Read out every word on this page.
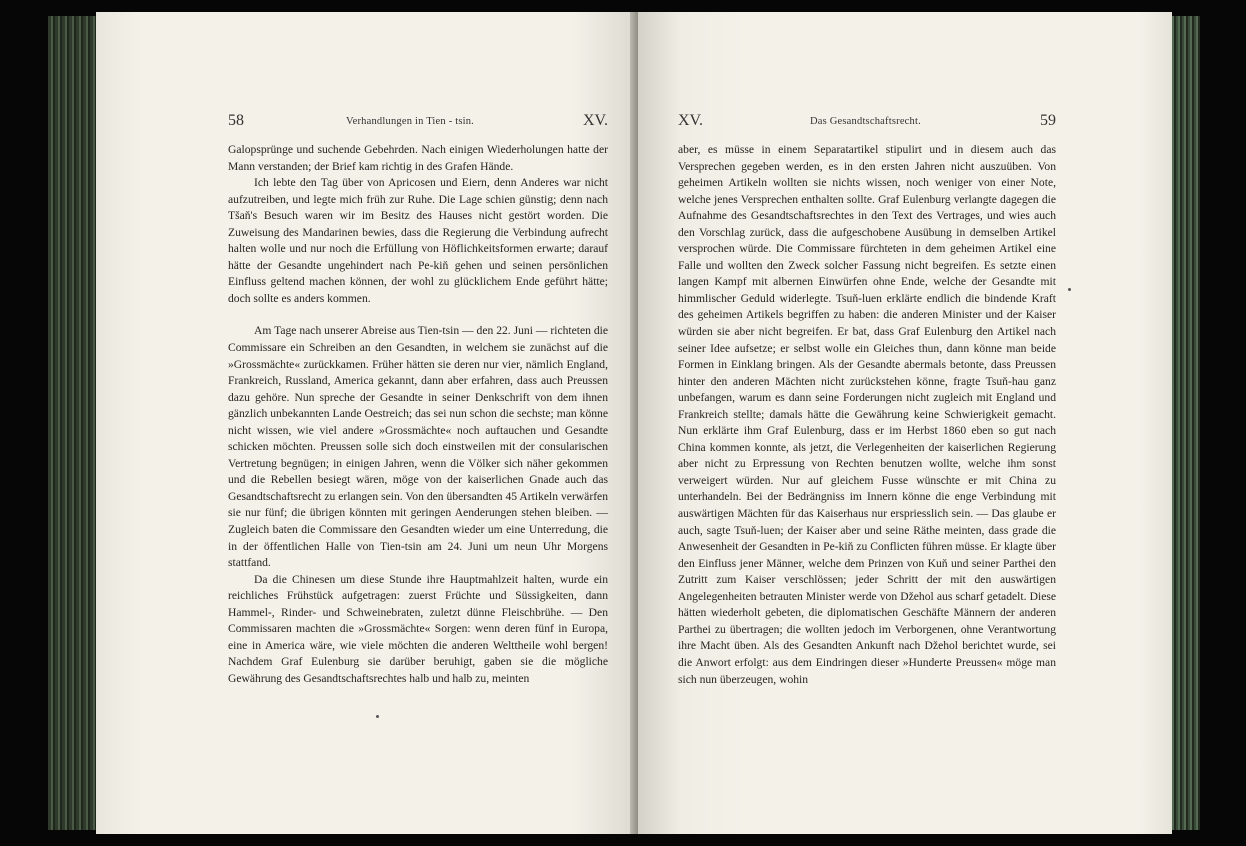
58	Verhandlungen in Tien - tsin.	XV.

Galopsprünge und suchende Gebehrden. Nach einigen Wiederholungen hatte der Mann verstanden; der Brief kam richtig in des Grafen Hände.

Ich lebte den Tag über von Apricosen und Eiern, denn Anderes war nicht aufzutreiben, und legte mich früh zur Ruhe. Die Lage schien günstig; denn nach Tšaň's Besuch waren wir im Besitz des Hauses nicht gestört worden. Die Zuweisung des Mandarinen bewies, dass die Regierung die Verbindung aufrecht halten wolle und nur noch die Erfüllung von Höflichkeitsformen erwarte; darauf hätte der Gesandte ungehindert nach Pe-kiň gehen und seinen persönlichen Einfluss geltend machen können, der wohl zu glücklichem Ende geführt hätte; doch sollte es anders kommen.

Am Tage nach unserer Abreise aus Tien-tsin — den 22. Juni — richteten die Commissare ein Schreiben an den Gesandten, in welchem sie zunächst auf die »Grossmächte« zurückkamen. Früher hätten sie deren nur vier, nämlich England, Frankreich, Russland, America gekannt, dann aber erfahren, dass auch Preussen dazu gehöre. Nun spreche der Gesandte in seiner Denkschrift von dem ihnen gänzlich unbekannten Lande Oestreich; das sei nun schon die sechste; man könne nicht wissen, wie viel andere »Grossmächte« noch auftauchen und Gesandte schicken möchten. Preussen solle sich doch einstweilen mit der consularischen Vertretung begnügen; in einigen Jahren, wenn die Völker sich näher gekommen und die Rebellen besiegt wären, möge von der kaiserlichen Gnade auch das Gesandtschaftsrecht zu erlangen sein. Von den übersandten 45 Artikeln verwärfen sie nur fünf; die übrigen könnten mit geringen Aenderungen stehen bleiben. — Zugleich baten die Commissare den Gesandten wieder um eine Unterredung, die in der öffentlichen Halle von Tien-tsin am 24. Juni um neun Uhr Morgens stattfand.

Da die Chinesen um diese Stunde ihre Hauptmahlzeit halten, wurde ein reichliches Frühstück aufgetragen: zuerst Früchte und Süssigkeiten, dann Hammel-, Rinder- und Schweinebraten, zuletzt dünne Fleischbrühe. — Den Commissaren machten die »Grossmächte« Sorgen: wenn deren fünf in Europa, eine in America wäre, wie viele möchten die anderen Welttheile wohl bergen! Nachdem Graf Eulenburg sie darüber beruhigt, gaben sie die mögliche Gewährung des Gesandtschaftsrechtes halb und halb zu, meinten

XV.	Das Gesandtschaftsrecht.	59

aber, es müsse in einem Separatartikel stipulirt und in diesem auch das Versprechen gegeben werden, es in den ersten Jahren nicht auszuüben. Von geheimen Artikeln wollten sie nichts wissen, noch weniger von einer Note, welche jenes Versprechen enthalten sollte. Graf Eulenburg verlangte dagegen die Aufnahme des Gesandtschaftsrechtes in den Text des Vertrages, und wies auch den Vorschlag zurück, dass die aufgeschobene Ausübung in demselben Artikel versprochen würde. Die Commissare fürchteten in dem geheimen Artikel eine Falle und wollten den Zweck solcher Fassung nicht begreifen. Es setzte einen langen Kampf mit albernen Einwürfen ohne Ende, welche der Gesandte mit himmlischer Geduld widerlegte. Tsuň-luen erklärte endlich die bindende Kraft des geheimen Artikels begriffen zu haben: die anderen Minister und der Kaiser würden sie aber nicht begreifen. Er bat, dass Graf Eulenburg den Artikel nach seiner Idee aufsetze; er selbst wolle ein Gleiches thun, dann könne man beide Formen in Einklang bringen. Als der Gesandte abermals betonte, dass Preussen hinter den anderen Mächten nicht zurückstehen könne, fragte Tsuň-hau ganz unbefangen, warum es dann seine Forderungen nicht zugleich mit England und Frankreich stellte; damals hätte die Gewährung keine Schwierigkeit gemacht. Nun erklärte ihm Graf Eulenburg, dass er im Herbst 1860 eben so gut nach China kommen konnte, als jetzt, die Verlegenheiten der kaiserlichen Regierung aber nicht zu Erpressung von Rechten benutzen wollte, welche ihm sonst verweigert würden. Nur auf gleichem Fusse wünschte er mit China zu unterhandeln. Bei der Bedrängniss im Innern könne die enge Verbindung mit auswärtigen Mächten für das Kaiserhaus nur erspriesslich sein. — Das glaube er auch, sagte Tsuň-luen; der Kaiser aber und seine Räthe meinten, dass grade die Anwesenheit der Gesandten in Pe-kiň zu Conflicten führen müsse. Er klagte über den Einfluss jener Männer, welche dem Prinzen von Kuň und seiner Parthei den Zutritt zum Kaiser verschlössen; jeder Schritt der mit den auswärtigen Angelegenheiten betrauten Minister werde von Džehol aus scharf getadelt. Diese hätten wiederholt gebeten, die diplomatischen Geschäfte Männern der anderen Parthei zu übertragen; die wollten jedoch im Verborgenen, ohne Verantwortung ihre Macht üben. Als des Gesandten Ankunft nach Džehol berichtet wurde, sei die Anwort erfolgt: aus dem Eindringen dieser »Hunderte Preussen« möge man sich nun überzeugen, wohin
